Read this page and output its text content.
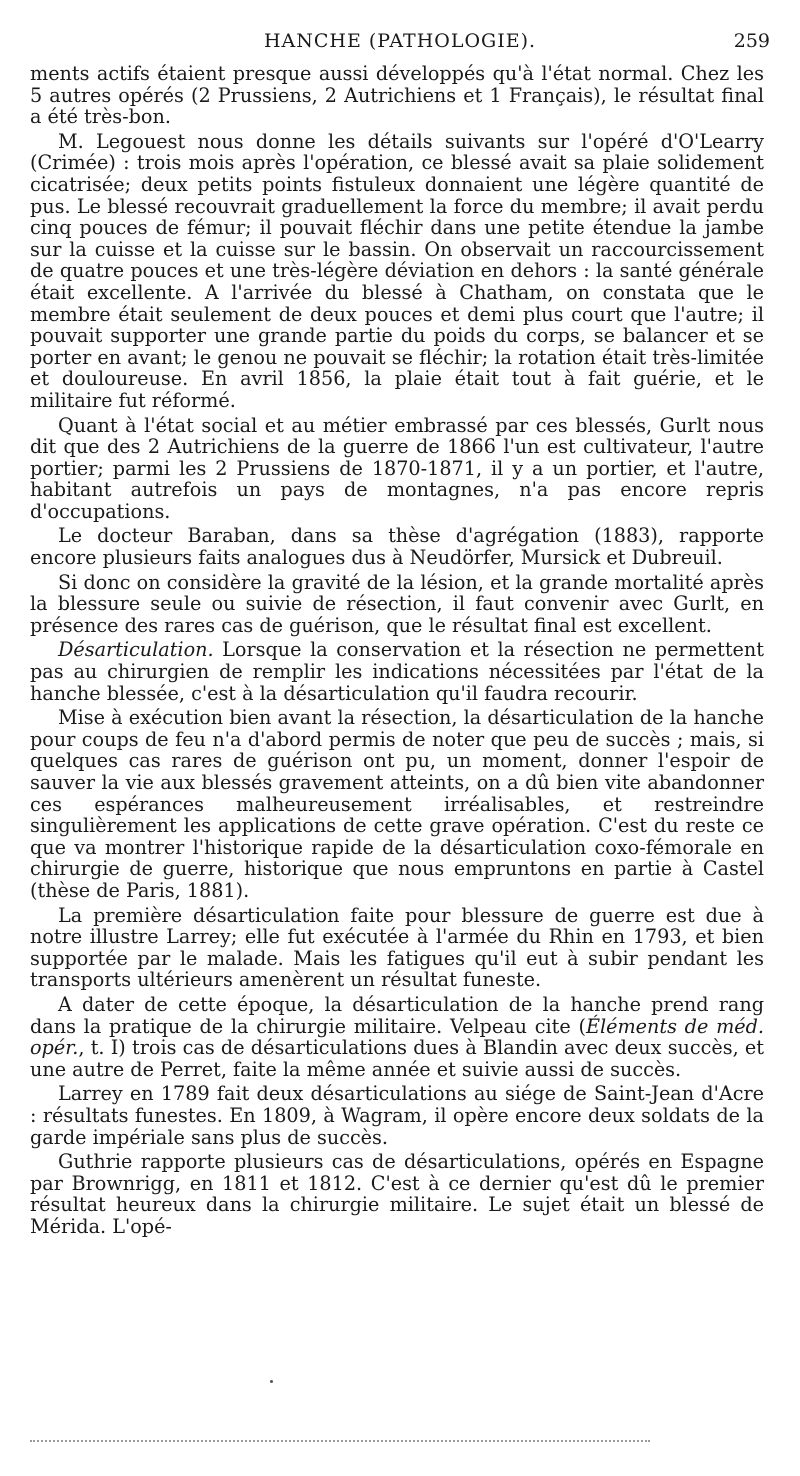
HANCHE (PATHOLOGIE).	259

ments actifs étaient presque aussi développés qu'à l'état normal. Chez les 5 autres opérés (2 Prussiens, 2 Autrichiens et 1 Français), le résultat final a été très-bon.

M. Legouest nous donne les détails suivants sur l'opéré d'O'Learry (Crimée) : trois mois après l'opération, ce blessé avait sa plaie solidement cicatrisée; deux petits points fistuleux donnaient une légère quantité de pus. Le blessé recouvrait graduellement la force du membre; il avait perdu cinq pouces de fémur; il pouvait fléchir dans une petite étendue la jambe sur la cuisse et la cuisse sur le bassin. On observait un raccourcissement de quatre pouces et une très-légère déviation en dehors : la santé générale était excellente. A l'arrivée du blessé à Chatham, on constata que le membre était seulement de deux pouces et demi plus court que l'autre; il pouvait supporter une grande partie du poids du corps, se balancer et se porter en avant; le genou ne pouvait se fléchir; la rotation était très-limitée et douloureuse. En avril 1856, la plaie était tout à fait guérie, et le militaire fut réformé.

Quant à l'état social et au métier embrassé par ces blessés, Gurlt nous dit que des 2 Autrichiens de la guerre de 1866 l'un est cultivateur, l'autre portier; parmi les 2 Prussiens de 1870-1871, il y a un portier, et l'autre, habitant autrefois un pays de montagnes, n'a pas encore repris d'occupations.

Le docteur Baraban, dans sa thèse d'agrégation (1883), rapporte encore plusieurs faits analogues dus à Neudörfer, Mursick et Dubreuil.

Si donc on considère la gravité de la lésion, et la grande mortalité après la blessure seule ou suivie de résection, il faut convenir avec Gurlt, en présence des rares cas de guérison, que le résultat final est excellent.

Désarticulation. Lorsque la conservation et la résection ne permettent pas au chirurgien de remplir les indications nécessitées par l'état de la hanche blessée, c'est à la désarticulation qu'il faudra recourir.

Mise à exécution bien avant la résection, la désarticulation de la hanche pour coups de feu n'a d'abord permis de noter que peu de succès ; mais, si quelques cas rares de guérison ont pu, un moment, donner l'espoir de sauver la vie aux blessés gravement atteints, on a dû bien vite abandonner ces espérances malheureusement irréalisables, et restreindre singulièrement les applications de cette grave opération. C'est du reste ce que va montrer l'historique rapide de la désarticulation coxo-fémorale en chirurgie de guerre, historique que nous empruntons en partie à Castel (thèse de Paris, 1881).

La première désarticulation faite pour blessure de guerre est due à notre illustre Larrey; elle fut exécutée à l'armée du Rhin en 1793, et bien supportée par le malade. Mais les fatigues qu'il eut à subir pendant les transports ultérieurs amenèrent un résultat funeste.

A dater de cette époque, la désarticulation de la hanche prend rang dans la pratique de la chirurgie militaire. Velpeau cite (Éléments de méd. opér., t. I) trois cas de désarticulations dues à Blandin avec deux succès, et une autre de Perret, faite la même année et suivie aussi de succès.

Larrey en 1789 fait deux désarticulations au siége de Saint-Jean d'Acre : résultats funestes. En 1809, à Wagram, il opère encore deux soldats de la garde impériale sans plus de succès.

Guthrie rapporte plusieurs cas de désarticulations, opérés en Espagne par Brownrigg, en 1811 et 1812. C'est à ce dernier qu'est dû le premier résultat heureux dans la chirurgie militaire. Le sujet était un blessé de Mérida. L'opé-
